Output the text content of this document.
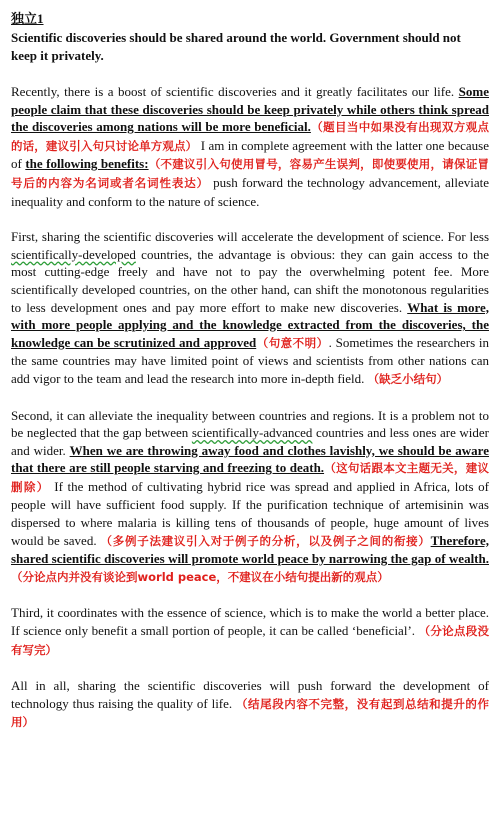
独立1
Scientific discoveries should be shared around the world. Government should not keep it privately.

Recently, there is a boost of scientific discoveries and it greatly facilitates our life. Some people claim that these discoveries should be keep privately while others think spread the discoveries among nations will be more beneficial.（题目当中如果没有出现双方观点的话，建议引入句只讨论单方观点） I am in complete agreement with the latter one because of the following benefits:（不建议引入句使用冒号，容易产生误判，即使要使用，请保证冒号后的内容为名词或者名词性表达） push forward the technology advancement, alleviate inequality and conform to the nature of science.

First, sharing the scientific discoveries will accelerate the development of science. For less scientifically-developed countries, the advantage is obvious: they can gain access to the most cutting-edge freely and have not to pay the overwhelming potent fee. More scientifically developed countries, on the other hand, can shift the monotonous regularities to less development ones and pay more effort to make new discoveries. What is more, with more people applying and the knowledge extracted from the discoveries, the knowledge can be scrutinized and approved（句意不明）. Sometimes the researchers in the same countries may have limited point of views and scientists from other nations can add vigor to the team and lead the research into more in-depth field. （缺乏小结句）

Second, it can alleviate the inequality between countries and regions. It is a problem not to be neglected that the gap between scientifically-advanced countries and less ones are wider and wider. When we are throwing away food and clothes lavishly, we should be aware that there are still people starving and freezing to death.（这句话跟本文主题无关，建议删除） If the method of cultivating hybrid rice was spread and applied in Africa, lots of people will have sufficient food supply. If the purification technique of artemisinin was dispersed to where malaria is killing tens of thousands of people, huge amount of lives would be saved. （多例子法建议引入对于例子的分析，以及例子之间的衔接）Therefore, shared scientific discoveries will promote world peace by narrowing the gap of wealth.（分论点内并没有谈论到world peace，不建议在小结句提出新的观点）

Third, it coordinates with the essence of science, which is to make the world a better place. If science only benefit a small portion of people, it can be called ‘beneficial’. （分论点段没有写完）

All in all, sharing the scientific discoveries will push forward the development of technology thus raising the quality of life. （结尾段内容不完整，没有起到总结和提升的作用）
